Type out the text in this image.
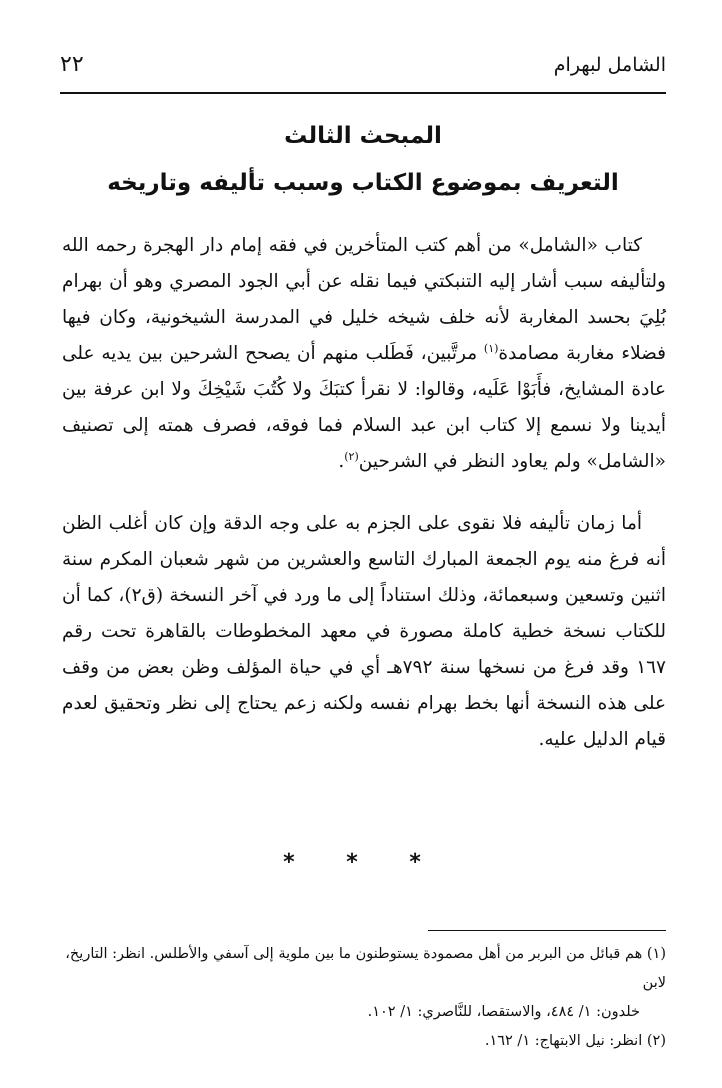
٢٢	الشامل لبهرام
المبحث الثالث
التعريف بموضوع الكتاب وسبب تأليفه وتاريخه

كتاب «الشامل» من أهم كتب المتأخرين في فقه إمام دار الهجرة رحمه الله ولتأليفه سبب أشار إليه التنبكتي فيما نقله عن أبي الجود المصري وهو أن بهرام بُلِيَ بحسد المغاربة لأنه خلف شيخه خليل في المدرسة الشيخونية، وكان فيها فضلاء مغاربة مصامدة$^{(١)}$ مرتَّبين، فَطَلب منهم أن يصحح الشرحين بين يديه على عادة المشايخ، فأَبَوْا عَلَيه، وقالوا: لا نقرأ كتبَكَ ولا كُتُبَ شَيْخِكَ ولا ابن عرفة بين أيدينا ولا نسمع إلا كتاب ابن عبد السلام فما فوقه، فصرف همته إلى تصنيف «الشامل» ولم يعاود النظر في الشرحين$^{(٢)}$.

أما زمان تأليفه فلا نقوى على الجزم به على وجه الدقة وإن كان أغلب الظن أنه فرغ منه يوم الجمعة المبارك التاسع والعشرين من شهر شعبان المكرم سنة اثنين وتسعين وسبعمائة، وذلك استناداً إلى ما ورد في آخر النسخة (ق٢)، كما أن للكتاب نسخة خطية كاملة مصورة في معهد المخطوطات بالقاهرة تحت رقم ١٦٧ وقد فرغ من نسخها سنة ٧٩٢هـ أي في حياة المؤلف وظن بعض من وقف على هذه النسخة أنها بخط بهرام نفسه ولكنه زعم يحتاج إلى نظر وتحقيق لعدم قيام الدليل عليه.

* * *

(١) هم قبائل من البربر من أهل مصمودة يستوطنون ما بين ملوية إلى آسفي والأطلس. انظر: التاريخ، لابن

خلدون: ١/ ٤٨٤، والاستقصا، للنَّاصري: ١/ ١٠٢.

(٢) انظر: نيل الابتهاج: ١/ ١٦٢.
